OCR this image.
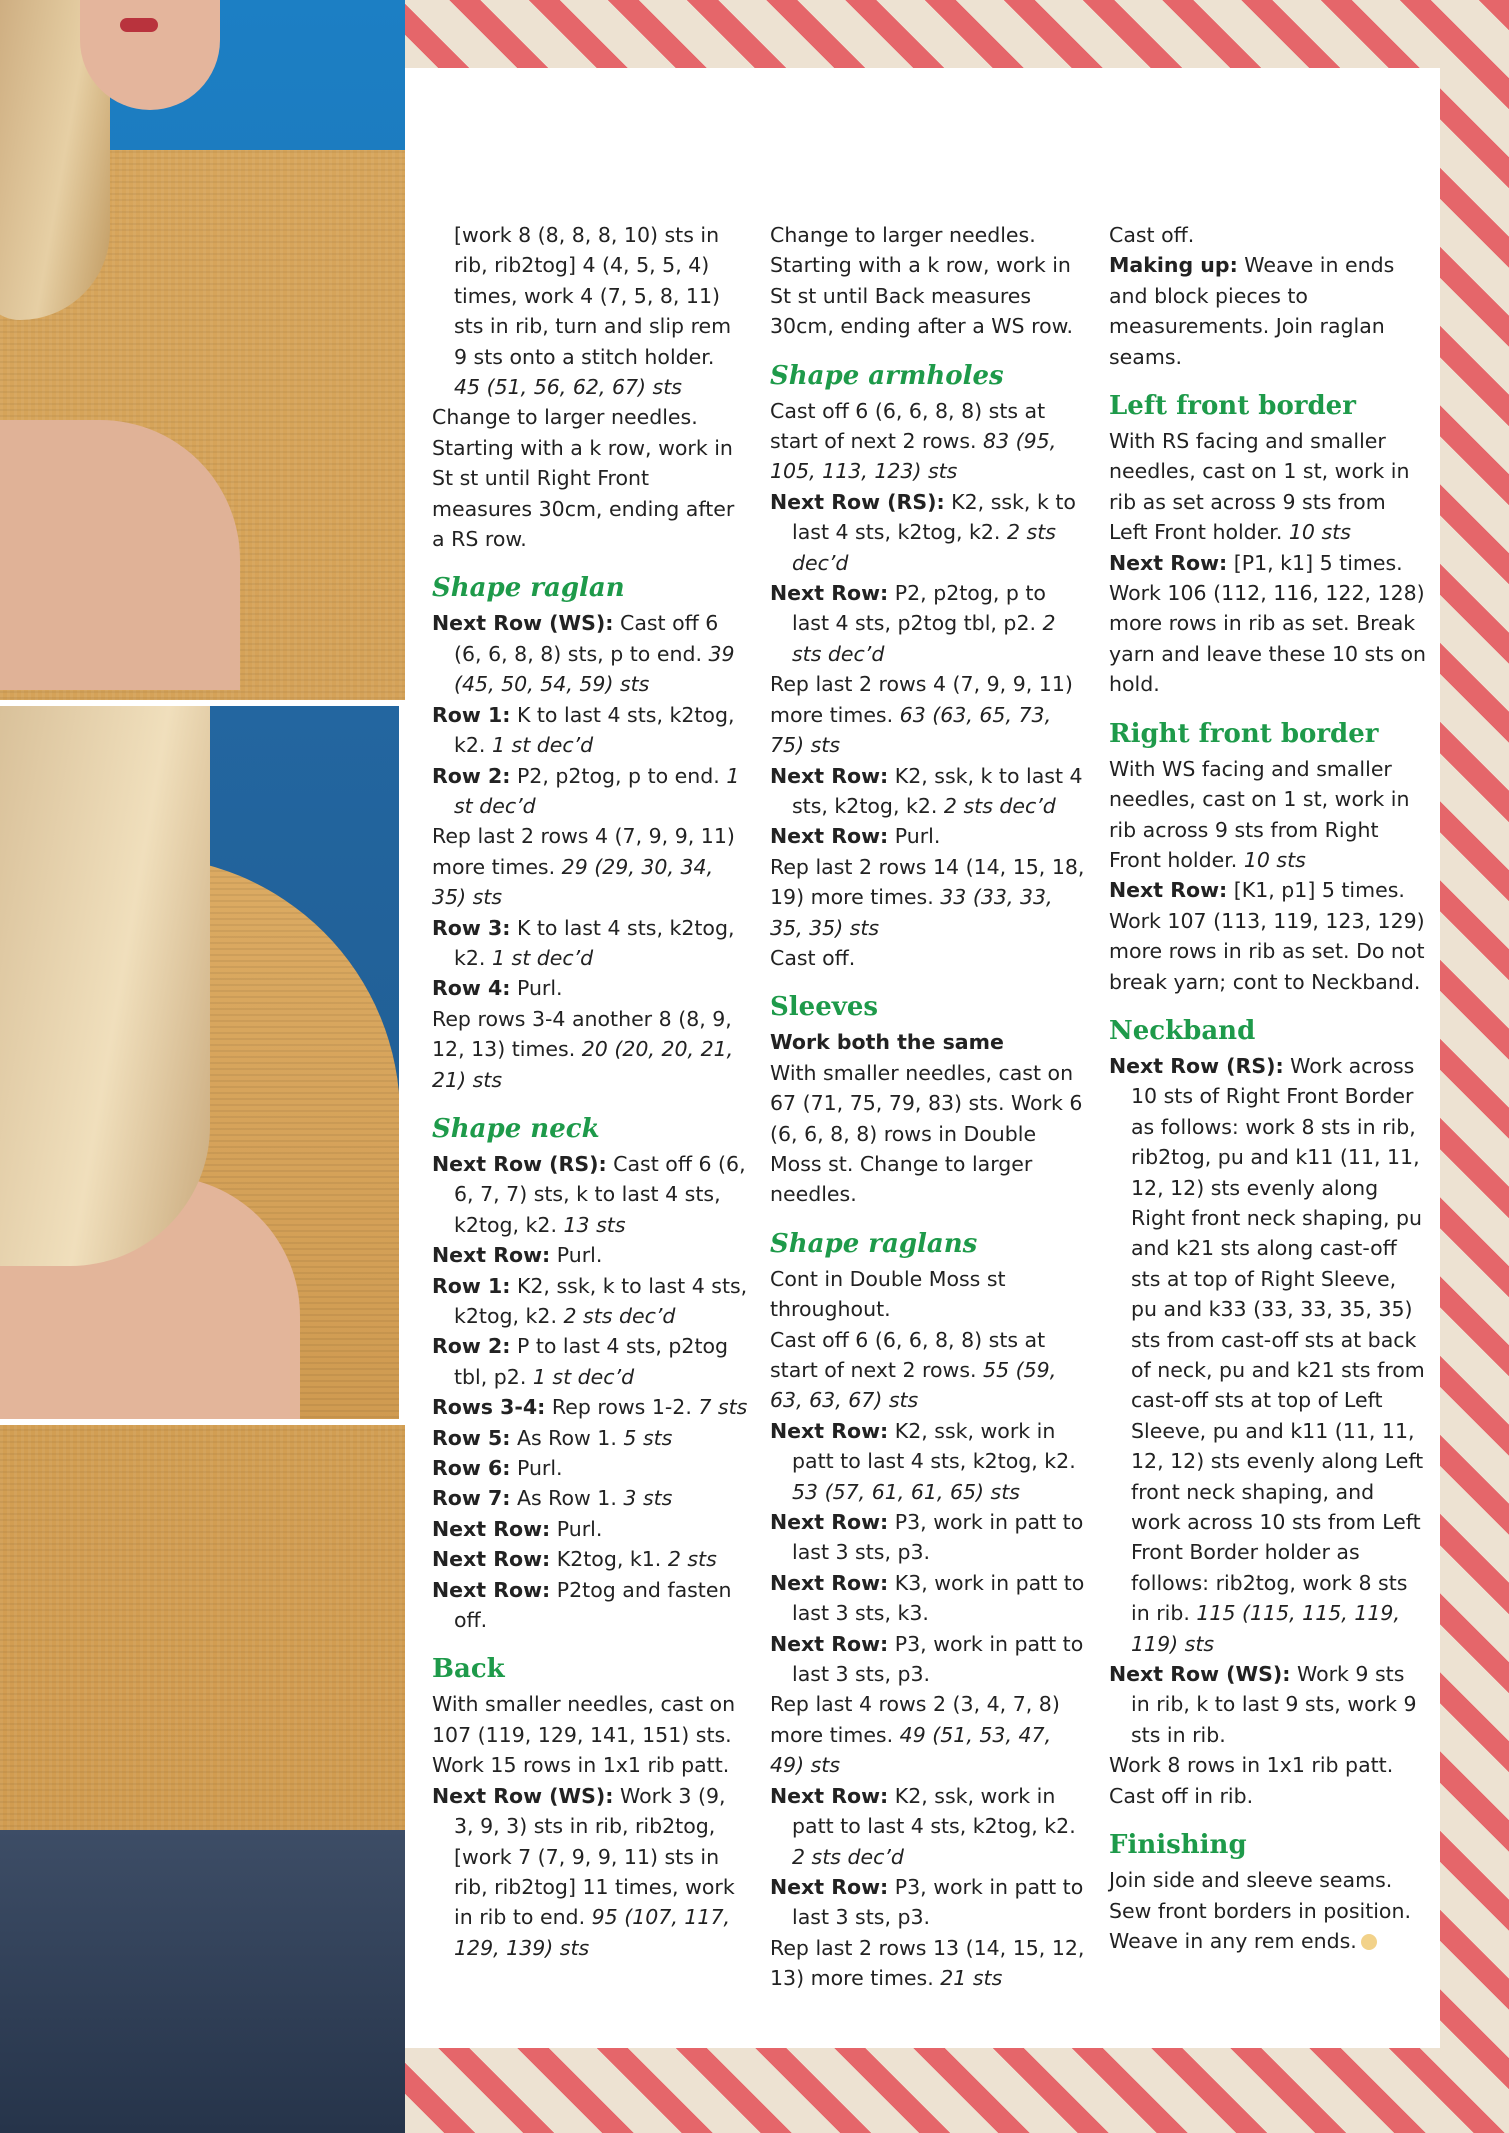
[work 8 (8, 8, 8, 10) sts in rib, rib2tog] 4 (4, 5, 5, 4) times, work 4 (7, 5, 8, 11) sts in rib, turn and slip rem 9 sts onto a stitch holder.
45 (51, 56, 62, 67) sts

Change to larger needles. Starting with a k row, work in St st until Right Front measures 30cm, ending after a RS row.

Shape raglan

Next Row (WS): Cast off 6 (6, 6, 8, 8) sts, p to end. 39 (45, 50, 54, 59) sts

Row 1: K to last 4 sts, k2tog, k2. 1 st dec’d

Row 2: P2, p2tog, p to end. 1 st dec’d

Rep last 2 rows 4 (7, 9, 9, 11) more times. 29 (29, 30, 34, 35) sts

Row 3: K to last 4 sts, k2tog, k2. 1 st dec’d

Row 4: Purl.

Rep rows 3-4 another 8 (8, 9, 12, 13) times. 20 (20, 20, 21, 21) sts

Shape neck

Next Row (RS): Cast off 6 (6, 6, 7, 7) sts, k to last 4 sts, k2tog, k2. 13 sts

Next Row: Purl.

Row 1: K2, ssk, k to last 4 sts, k2tog, k2. 2 sts dec’d

Row 2: P to last 4 sts, p2tog tbl, p2. 1 st dec’d

Rows 3-4: Rep rows 1-2. 7 sts

Row 5: As Row 1. 5 sts

Row 6: Purl.

Row 7: As Row 1. 3 sts

Next Row: Purl.

Next Row: K2tog, k1. 2 sts

Next Row: P2tog and fasten off.

Back

With smaller needles, cast on 107 (119, 129, 141, 151) sts. Work 15 rows in 1x1 rib patt.

Next Row (WS): Work 3 (9, 3, 9, 3) sts in rib, rib2tog, [work 7 (7, 9, 9, 11) sts in rib, rib2tog] 11 times, work in rib to end. 95 (107, 117, 129, 139) sts

Change to larger needles. Starting with a k row, work in St st until Back measures 30cm, ending after a WS row.

Shape armholes

Cast off 6 (6, 6, 8, 8) sts at start of next 2 rows. 83 (95, 105, 113, 123) sts

Next Row (RS): K2, ssk, k to last 4 sts, k2tog, k2. 2 sts dec’d

Next Row: P2, p2tog, p to last 4 sts, p2tog tbl, p2. 2 sts dec’d

Rep last 2 rows 4 (7, 9, 9, 11) more times. 63 (63, 65, 73, 75) sts

Next Row: K2, ssk, k to last 4 sts, k2tog, k2. 2 sts dec’d

Next Row: Purl.

Rep last 2 rows 14 (14, 15, 18, 19) more times. 33 (33, 33, 35, 35) sts

Cast off.

Sleeves

Work both the same

With smaller needles, cast on 67 (71, 75, 79, 83) sts. Work 6 (6, 6, 8, 8) rows in Double Moss st. Change to larger needles.

Shape raglans

Cont in Double Moss st throughout.

Cast off 6 (6, 6, 8, 8) sts at start of next 2 rows. 55 (59, 63, 63, 67) sts

Next Row: K2, ssk, work in patt to last 4 sts, k2tog, k2. 53 (57, 61, 61, 65) sts

Next Row: P3, work in patt to last 3 sts, p3.

Next Row: K3, work in patt to last 3 sts, k3.

Next Row: P3, work in patt to last 3 sts, p3.

Rep last 4 rows 2 (3, 4, 7, 8) more times. 49 (51, 53, 47, 49) sts

Next Row: K2, ssk, work in patt to last 4 sts, k2tog, k2. 2 sts dec’d

Next Row: P3, work in patt to last 3 sts, p3.

Rep last 2 rows 13 (14, 15, 12, 13) more times. 21 sts

Cast off.

Making up: Weave in ends and block pieces to measurements. Join raglan seams.

Left front border

With RS facing and smaller needles, cast on 1 st, work in rib as set across 9 sts from Left Front holder. 10 sts

Next Row: [P1, k1] 5 times.

Work 106 (112, 116, 122, 128) more rows in rib as set. Break yarn and leave these 10 sts on hold.

Right front border

With WS facing and smaller needles, cast on 1 st, work in rib across 9 sts from Right Front holder. 10 sts

Next Row: [K1, p1] 5 times.

Work 107 (113, 119, 123, 129) more rows in rib as set. Do not break yarn; cont to Neckband.

Neckband

Next Row (RS): Work across 10 sts of Right Front Border as follows: work 8 sts in rib, rib2tog, pu and k11 (11, 11, 12, 12) sts evenly along Right front neck shaping, pu and k21 sts along cast-off sts at top of Right Sleeve, pu and k33 (33, 33, 35, 35) sts from cast-off sts at back of neck, pu and k21 sts from cast-off sts at top of Left Sleeve, pu and k11 (11, 11, 12, 12) sts evenly along Left front neck shaping, and work across 10 sts from Left Front Border holder as follows: rib2tog, work 8 sts in rib. 115 (115, 115, 119, 119) sts

Next Row (WS): Work 9 sts in rib, k to last 9 sts, work 9 sts in rib.

Work 8 rows in 1x1 rib patt.

Cast off in rib.

Finishing

Join side and sleeve seams. Sew front borders in position. Weave in any rem ends.
